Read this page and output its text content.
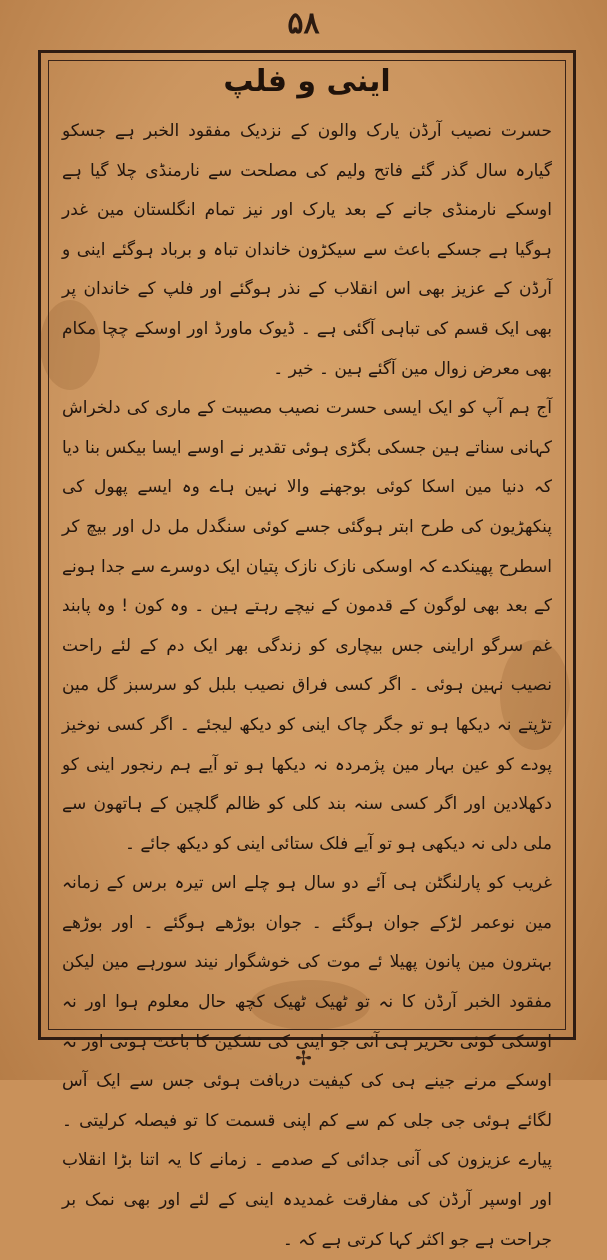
۵۸
اینی و فلپ

حسرت نصیب آرڈن یارک والون کے نزدیک مفقود الخبر ہے جسکو گیارہ سال گذر گئے فاتح ولیم کی مصلحت سے نارمنڈی چلا گیا ہے اوسکے نارمنڈی جانے کے بعد یارک اور نیز تمام انگلستان مین غدر ہوگیا ہے جسکے باعث سے سیکڑون خاندان تباہ و برباد ہوگئے اینی و آرڈن کے عزیز بھی اس انقلاب کے نذر ہوگئے اور فلپ کے خاندان پر بھی ایک قسم کی تباہی آگئی ہے ۔ ڈیوک ماورڈ اور اوسکے چچا مکام بھی معرض زوال مین آگئے ہین ۔ خیر ۔

آج ہم آپ کو ایک ایسی حسرت نصیب مصیبت کے ماری کی دلخراش کہانی سناتے ہین جسکی بگڑی ہوئی تقدیر نے اوسے ایسا بیکس بنا دیا کہ دنیا مین اسکا کوئی بوجھنے والا نہین ہاے وہ ایسے پھول کی پنکھڑیون کی طرح ابتر ہوگئی جسے کوئی سنگدل مل دل اور بیچ کر اسطرح پھینکدے کہ اوسکی نازک نازک پتیان ایک دوسرے سے جدا ہونے کے بعد بھی لوگون کے قدمون کے نیچے رہتے ہین ۔ وہ کون ! وہ پابند غم سرگو اراینی جس بیچاری کو زندگی بھر ایک دم کے لئے راحت نصیب نہین ہوئی ۔ اگر کسی فراق نصیب بلبل کو سرسبز گل مین تڑپتے نہ دیکھا ہو تو جگر چاک اینی کو دیکھ لیجئے ۔ اگر کسی نوخیز پودے کو عین بہار مین پژمردہ نہ دیکھا ہو تو آیے ہم رنجور اینی کو دکھلادین اور اگر کسی سنہ بند کلی کو ظالم گلچین کے ہاتھون سے ملی دلی نہ دیکھی ہو تو آیے فلک ستائی اینی کو دیکھ جائے ۔

غریب کو پارلنگٹن ہی آئے دو سال ہو چلے اس تیرہ برس کے زمانہ مین نوعمر لڑکے جوان ہوگئے ۔ جوان بوڑھے ہوگئے ۔ اور بوڑھے بہترون مین پانون پھیلا ئے موت کی خوشگوار نیند سورہے مین لیکن مفقود الخبر آرڈن کا نہ تو ٹھیک ٹھیک کچھ حال معلوم ہوا اور نہ اوسکی کوئی تحریر ہی آئی جو اینی کی تشکین کا باعث ہوتی اور نہ اوسکے مرنے جینے ہی کی کیفیت دریافت ہوئی جس سے ایک آس لگائے ہوئی جی جلی کم سے کم اپنی قسمت کا تو فیصلہ کرلیتی ۔ پیارے عزیزون کی آنی جدائی کے صدمے ۔ زمانے کا یہ اتنا بڑا انقلاب اور اوسپر آرڈن کی مفارقت غمدیدہ اینی کے لئے اور بھی نمک بر جراحت ہے جو اکثر کہا کرتی ہے کہ ۔

✢
